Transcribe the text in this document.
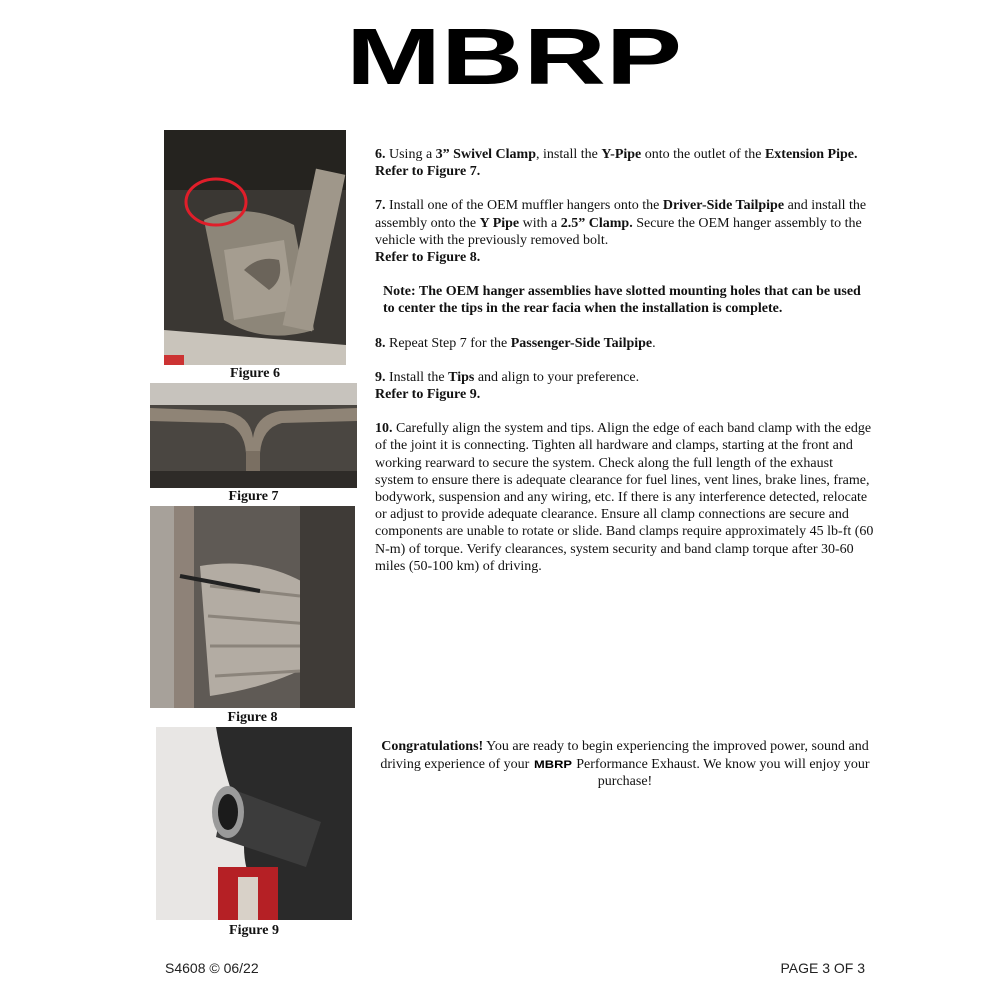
MBRP
Figure 6
Figure 7
Figure 8
Figure 9

6. Using a 3” Swivel Clamp, install the Y-Pipe onto the outlet of the Extension Pipe.
Refer to Figure 7.

7. Install one of the OEM muffler hangers onto the Driver-Side Tailpipe and install the assembly onto the Y Pipe with a 2.5” Clamp. Secure the OEM hanger assembly to the vehicle with the previously removed bolt.
Refer to Figure 8.

Note: The OEM hanger assemblies have slotted mounting holes that can be used to center the tips in the rear facia when the installation is complete.

8. Repeat Step 7 for the Passenger-Side Tailpipe.

9. Install the Tips and align to your preference.
Refer to Figure 9.

10. Carefully align the system and tips. Align the edge of each band clamp with the edge of the joint it is connecting. Tighten all hardware and clamps, starting at the front and working rearward to secure the system. Check along the full length of the exhaust system to ensure there is adequate clearance for fuel lines, vent lines, brake lines, frame, bodywork, suspension and any wiring, etc. If there is any interference detected, relocate or adjust to provide adequate clearance. Ensure all clamp connections are secure and components are unable to rotate or slide. Band clamps require approximately 45 lb-ft (60 N-m) of torque. Verify clearances, system security and band clamp torque after 30-60 miles (50-100 km) of driving.

Congratulations! You are ready to begin experiencing the improved power, sound and driving experience of your MBRP Performance Exhaust. We know you will enjoy your purchase!
S4608 © 06/22	PAGE 3 OF 3
